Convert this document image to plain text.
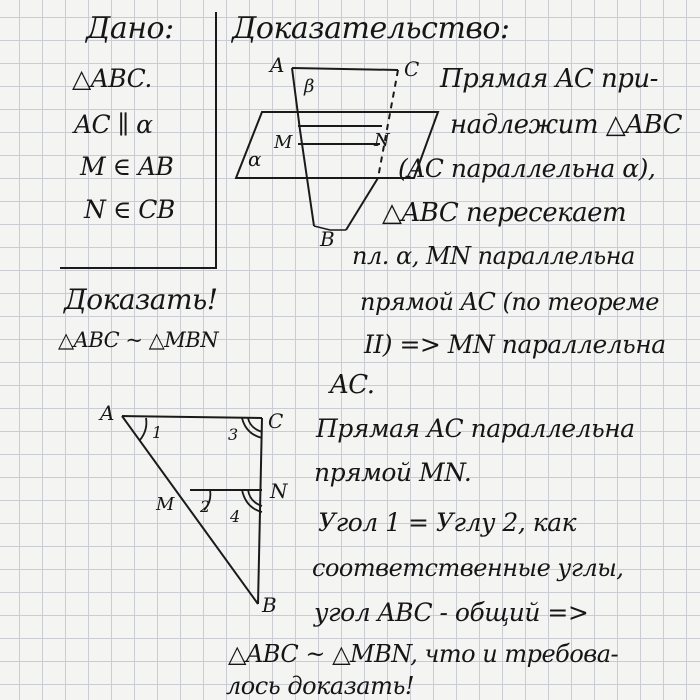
Дано:
△ABC.
AC ∥ α
M ∈ AB
N ∈ CB
Доказать!
△ABC ~ △MBN
Доказательство:
Прямая AC при-
надлежит △ABC
(AC параллельна α),
△ABC пересекает
пл. α, MN параллельна
прямой AC (по теореме
II) => MN параллельна
AC.
Прямая AC параллельна
прямой MN.
Угол 1 = Углу 2, как
соответственные углы,
угол ABC - общий =>
△ABC ~ △MBN, что и требова-
лось доказать!
A
β
C
M	N
α
B
A	C
M
N
B
1	3
2
4
